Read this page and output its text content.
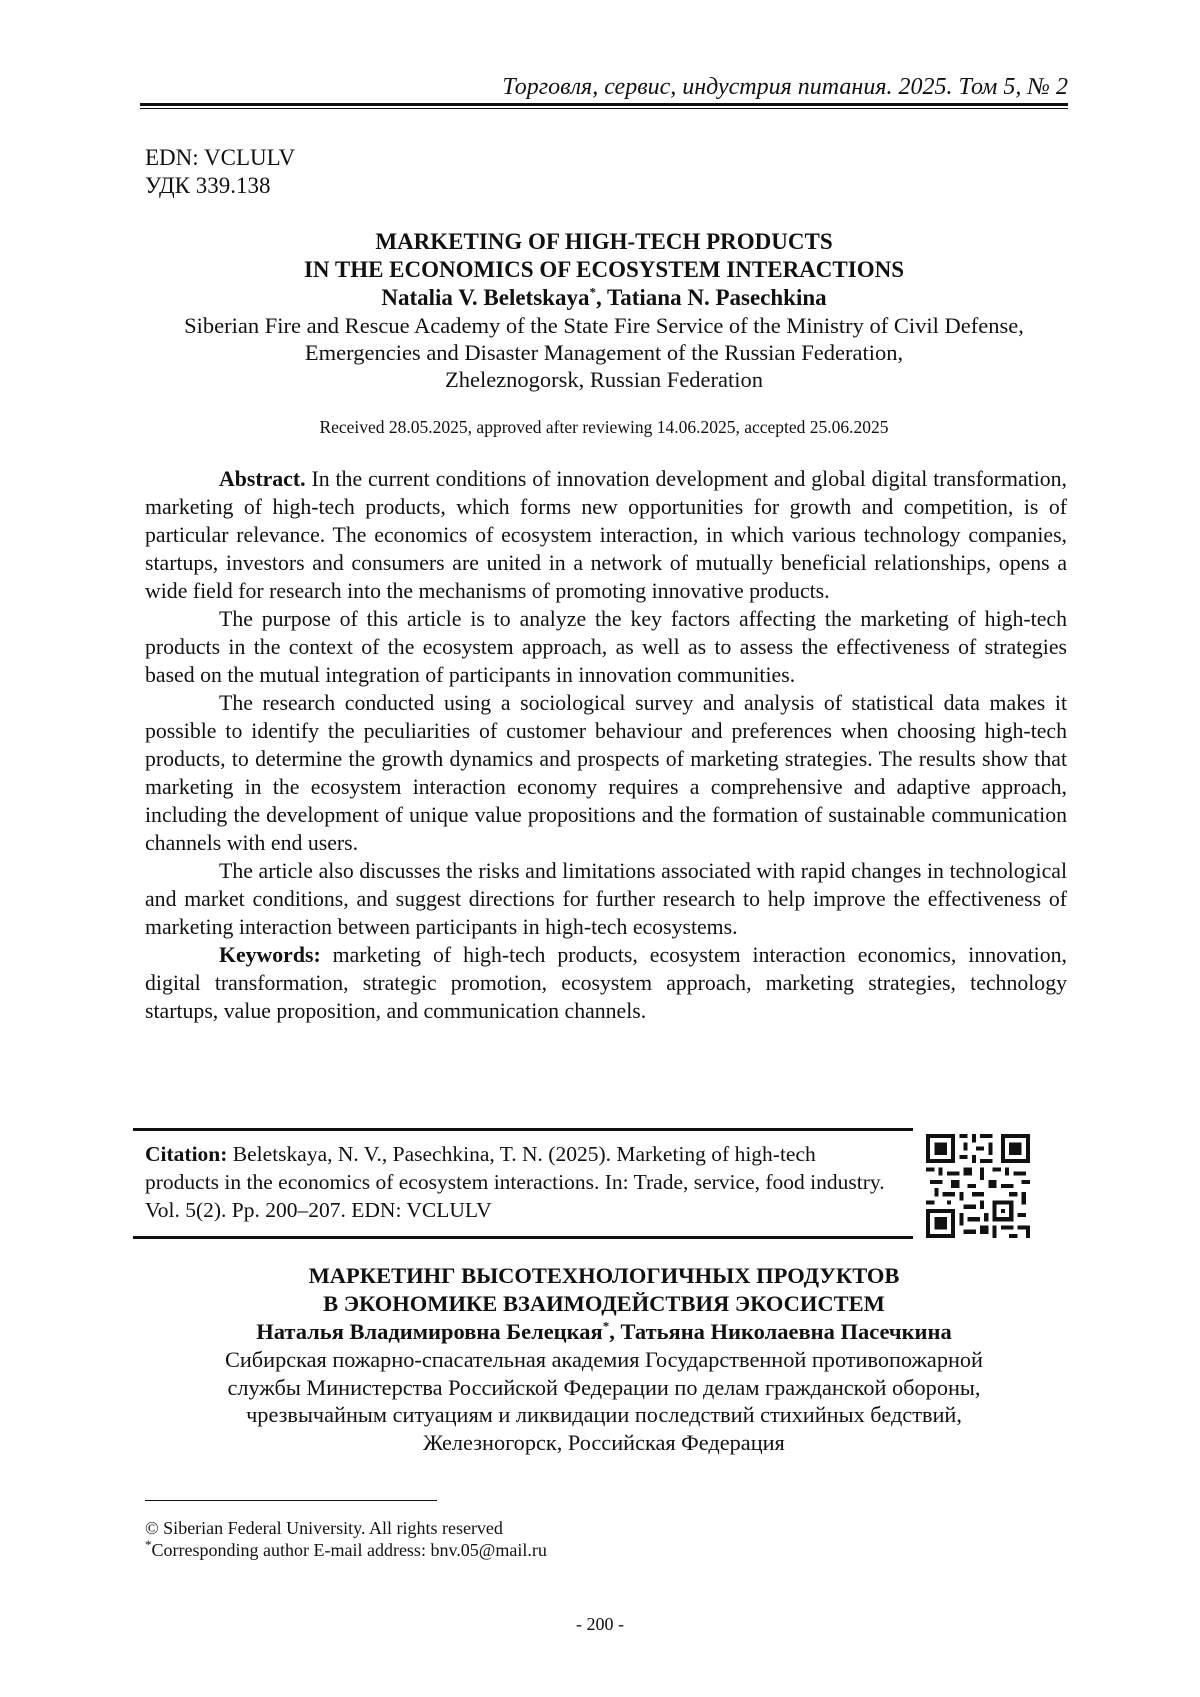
Торговля, сервис, индустрия питания. 2025. Том 5, № 2
EDN: VCLULV
УДК 339.138
MARKETING OF HIGH-TECH PRODUCTS
IN THE ECONOMICS OF ECOSYSTEM INTERACTIONS
Natalia V. Beletskaya*, Tatiana N. Pasechkina
Siberian Fire and Rescue Academy of the State Fire Service of the Ministry of Civil Defense,
Emergencies and Disaster Management of the Russian Federation,
Zheleznogorsk, Russian Federation
Received 28.05.2025, approved after reviewing 14.06.2025, accepted 25.06.2025

Abstract. In the current conditions of innovation development and global digital transformation, marketing of high-tech products, which forms new opportunities for growth and competition, is of particular relevance. The economics of ecosystem interaction, in which various technology companies, startups, investors and consumers are united in a network of mutually beneficial relationships, opens a wide field for research into the mechanisms of promoting innovative products.

The purpose of this article is to analyze the key factors affecting the marketing of high-tech products in the context of the ecosystem approach, as well as to assess the effectiveness of strategies based on the mutual integration of participants in innovation communities.

The research conducted using a sociological survey and analysis of statistical data makes it possible to identify the peculiarities of customer behaviour and preferences when choosing high-tech products, to determine the growth dynamics and prospects of marketing strategies. The results show that marketing in the ecosystem interaction economy requires a comprehensive and adaptive approach, including the development of unique value propositions and the formation of sustainable communication channels with end users.

The article also discusses the risks and limitations associated with rapid changes in technological and market conditions, and suggest directions for further research to help improve the effectiveness of marketing interaction between participants in high-tech ecosystems.

Keywords: marketing of high-tech products, ecosystem interaction economics, innovation, digital transformation, strategic promotion, ecosystem approach, marketing strategies, technology startups, value proposition, and communication channels.

Citation: Beletskaya, N. V., Pasechkina, T. N. (2025). Marketing of high-tech products in the economics of ecosystem interactions. In: Trade, service, food industry. Vol. 5(2). Pp. 200–207. EDN: VCLULV
МАРКЕТИНГ ВЫСОТЕХНОЛОГИЧНЫХ ПРОДУКТОВ
В ЭКОНОМИКЕ ВЗАИМОДЕЙСТВИЯ ЭКОСИСТЕМ
Наталья Владимировна Белецкая*, Татьяна Николаевна Пасечкина
Сибирская пожарно-спасательная академия Государственной противопожарной
службы Министерства Российской Федерации по делам гражданской обороны,
чрезвычайным ситуациям и ликвидации последствий стихийных бедствий,
Железногорск, Российская Федерация
© Siberian Federal University. All rights reserved
*Corresponding author E-mail address: bnv.05@mail.ru
- 200 -
